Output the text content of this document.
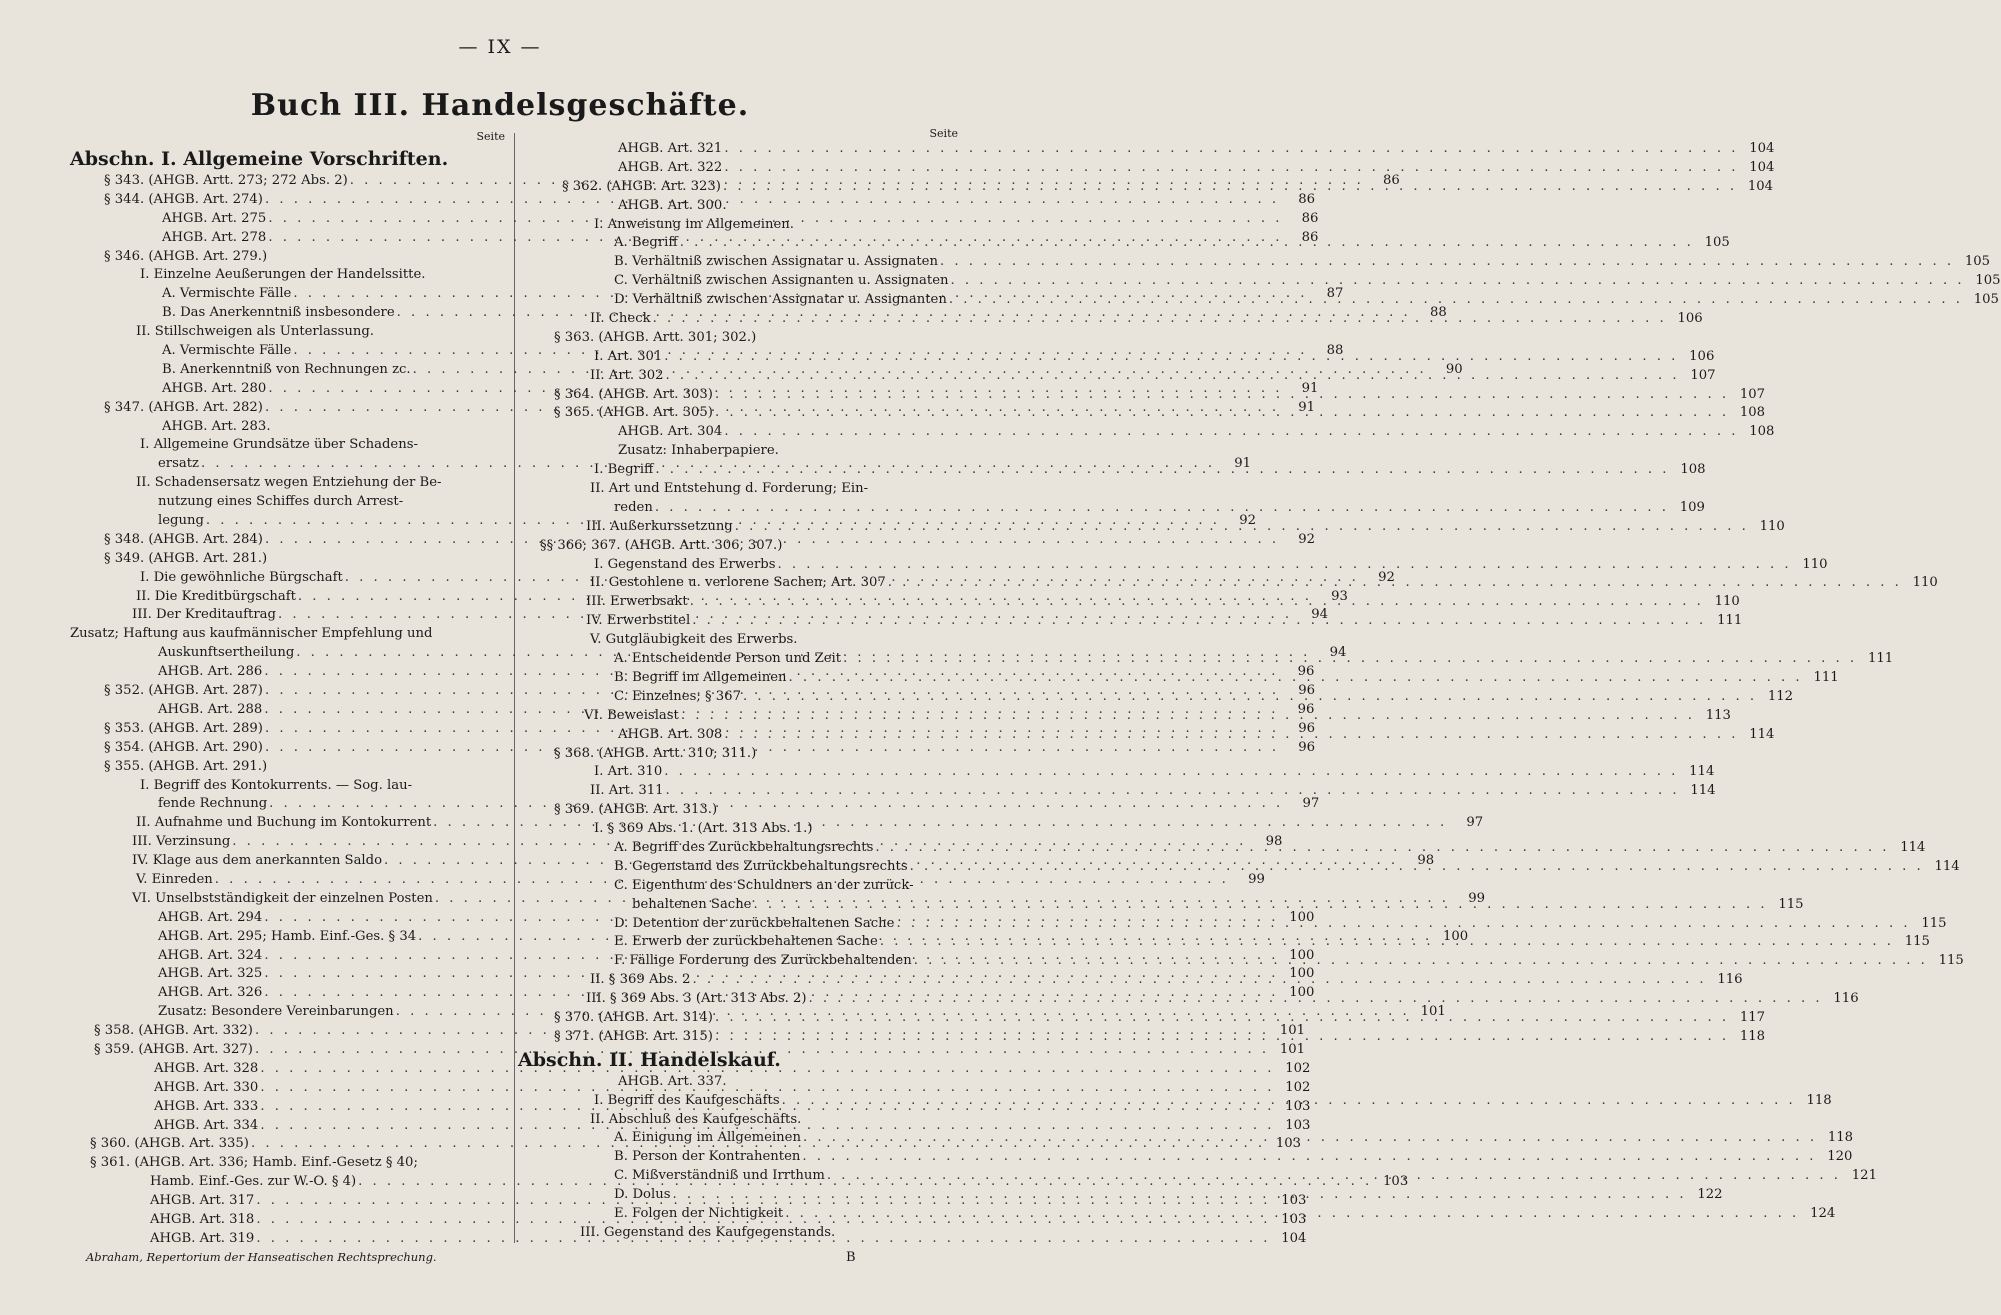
— IX —
Buch III. Handelsgeschäfte.
Seite
Abschn. I. Allgemeine Vorschriften.
§ 343. (AHGB. Artt. 273; 272 Abs. 2) . . .	86
§ 344. (AHGB. Art. 274) . . .	86
AHGB. Art. 275 . . .	86
AHGB. Art. 278 . . .	86
§ 346. (AHGB. Art. 279.)
I. Einzelne Aeußerungen der Handelssitte.
A. Vermischte Fälle . . .	87
B. Das Anerkenntniß insbesondere . . .	88
II. Stillschweigen als Unterlassung.
A. Vermischte Fälle . . .	88
B. Anerkenntniß von Rechnungen zc. . . .	90
AHGB. Art. 280 . . .	91
§ 347. (AHGB. Art. 282) . . .	91
AHGB. Art. 283.
I. Allgemeine Grundsätze über Schadens-
ersatz . . .	91
II. Schadensersatz wegen Entziehung der Be-
nutzung eines Schiffes durch Arrest-
legung . . .	92
§ 348. (AHGB. Art. 284) . . .	92
§ 349. (AHGB. Art. 281.)
I. Die gewöhnliche Bürgschaft . . .	92
II. Die Kreditbürgschaft . . .	93
III. Der Kreditauftrag . . .	94
Zusatz; Haftung aus kaufmännischer Empfehlung und
Auskunftsertheilung . . .	94
AHGB. Art. 286 . . .	96
§ 352. (AHGB. Art. 287) . . .	96
AHGB. Art. 288 . . .	96
§ 353. (AHGB. Art. 289) . . .	96
§ 354. (AHGB. Art. 290) . . .	96
§ 355. (AHGB. Art. 291.)
I. Begriff des Kontokurrents. — Sog. lau-
fende Rechnung . . .	97
II. Aufnahme und Buchung im Kontokurrent . . .	97
III. Verzinsung . . .	98
IV. Klage aus dem anerkannten Saldo . . .	98
V. Einreden . . .	99
VI. Unselbstständigkeit der einzelnen Posten . . .	99
AHGB. Art. 294 . . .	100
AHGB. Art. 295; Hamb. Einf.-Ges. § 34 . . .	100
AHGB. Art. 324 . . .	100
AHGB. Art. 325 . . .	100
AHGB. Art. 326 . . .	100
Zusatz: Besondere Vereinbarungen . . .	101
§ 358. (AHGB. Art. 332) . . .	101
§ 359. (AHGB. Art. 327) . . .	101
AHGB. Art. 328 . . .	102
AHGB. Art. 330 . . .	102
AHGB. Art. 333 . . .	103
AHGB. Art. 334 . . .	103
§ 360. (AHGB. Art. 335) . . .	103
§ 361. (AHGB. Art. 336; Hamb. Einf.-Gesetz § 40;
Hamb. Einf.-Ges. zur W.-O. § 4) . . .	103
AHGB. Art. 317 . . .	103
AHGB. Art. 318 . . .	103
AHGB. Art. 319 . . .	104
Seite
AHGB. Art. 321 . . .	104
AHGB. Art. 322 . . .	104
§ 362. (AHGB. Art. 323) . . .	104
AHGB. Art. 300.
I. Anweisung im Allgemeinen.
A. Begriff . . .	105
B. Verhältniß zwischen Assignatar u. Assignaten . . .	105
C. Verhältniß zwischen Assignanten u. Assignaten . . .	105
D. Verhältniß zwischen Assignatar u. Assignanten . . .	105
II. Check . . .	106
§ 363. (AHGB. Artt. 301; 302.)
I. Art. 301 . . .	106
II. Art. 302 . . .	107
§ 364. (AHGB. Art. 303) . . .	107
§ 365. (AHGB. Art. 305) . . .	108
AHGB. Art. 304 . . .	108
Zusatz: Inhaberpapiere.
I. Begriff . . .	108
II. Art und Entstehung d. Forderung; Ein-
reden . . .	109
III. Außerkurssetzung . . .	110
§§ 366; 367. (AHGB. Artt. 306, 307.)
I. Gegenstand des Erwerbs . . .	110
II. Gestohlene u. verlorene Sachen; Art. 307 . . .	110
III. Erwerbsakt . . .	110
IV. Erwerbstitel . . .	111
V. Gutgläubigkeit des Erwerbs.
A. Entscheidende Person und Zeit . . .	111
B. Begriff im Allgemeinen . . .	111
C. Einzelnes; § 367 . . .	112
VI. Beweislast . . .	113
AHGB. Art. 308 . . .	114
§ 368. (AHGB. Artt. 310; 311.)
I. Art. 310 . . .	114
II. Art. 311 . . .	114
§ 369. (AHGB. Art. 313.)
I. § 369 Abs. 1. (Art. 313 Abs. 1.)
A. Begriff des Zurückbehaltungsrechts . . .	114
B. Gegenstand des Zurückbehaltungsrechts . . .	114
C. Eigenthum des Schuldners an der zurück-
behaltenen Sache . . .	115
D. Detention der zurückbehaltenen Sache . . .	115
E. Erwerb der zurückbehaltenen Sache . . .	115
F. Fällige Forderung des Zurückbehaltenden . . .	115
II. § 369 Abs. 2 . . .	116
III. § 369 Abs. 3 (Art. 313 Abs. 2) . . .	116
§ 370. (AHGB. Art. 314) . . .	117
§ 371. (AHGB. Art. 315) . . .	118
Abschn. II. Handelskauf.
AHGB. Art. 337.
I. Begriff des Kaufgeschäfts . . .	118
II. Abschluß des Kaufgeschäfts.
A. Einigung im Allgemeinen . . .	118
B. Person der Kontrahenten . . .	120
C. Mißverständniß und Irrthum . . .	121
D. Dolus . . .	122
E. Folgen der Nichtigkeit . . .	124
III. Gegenstand des Kaufgegenstands.
Abraham, Repertorium der Hanseatischen Rechtsprechung.	B
